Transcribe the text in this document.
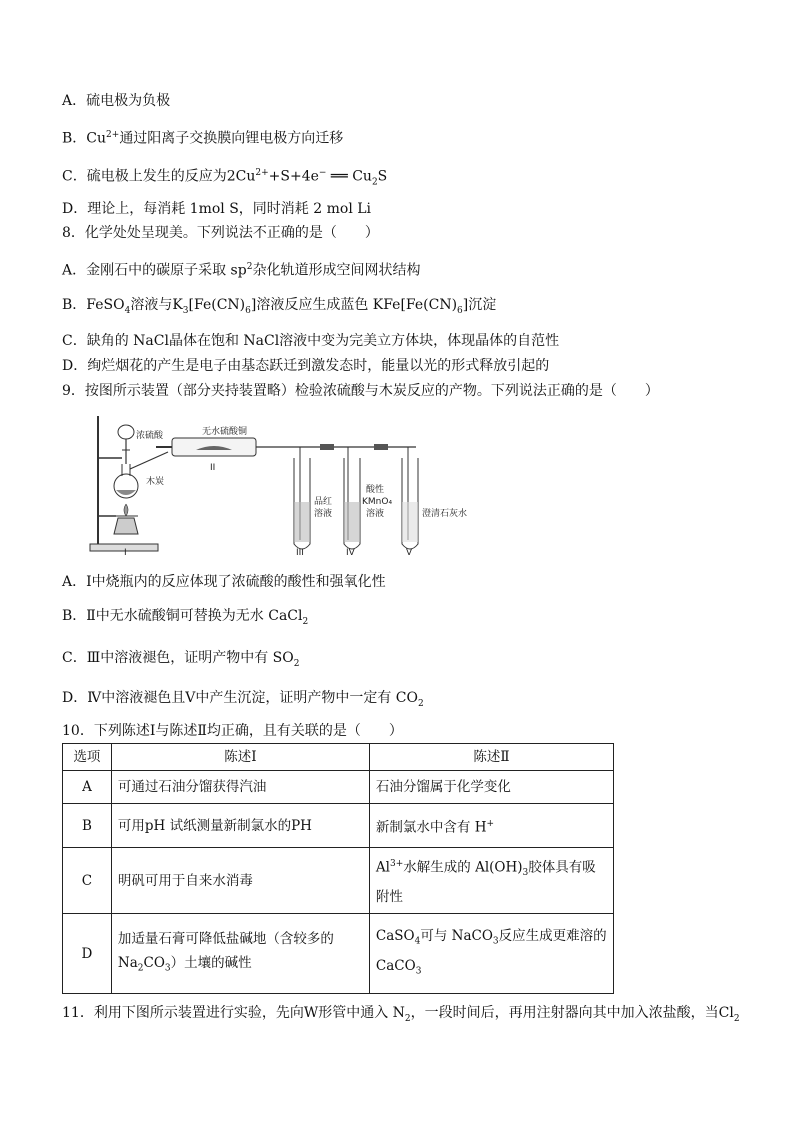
A．硫电极为负极
B．$Cu^{2+}$通过阳离子交换膜向锂电极方向迁移
C．硫电极上发生的反应为$2Cu^{2+}+S+4e^-$ ══ $Cu_2S$
D．理论上，每消耗 1mol S，同时消耗 2 mol Li
8．化学处处呈现美。下列说法不正确的是（　　）
A．金刚石中的碳原子采取 $sp^2$杂化轨道形成空间网状结构
B．FeSO$_4$溶液与$K_3[Fe(CN)_6]$溶液反应生成蓝色 $KFe[Fe(CN)_6]$沉淀
C．缺角的 NaCl晶体在饱和 NaCl溶液中变为完美立方体块，体现晶体的自范性
D．绚烂烟花的产生是电子由基态跃迁到激发态时，能量以光的形式释放引起的
9．按图所示装置（部分夹持装置略）检验浓硫酸与木炭反应的产物。下列说法正确的是（　　）
浓硫酸
木炭
无水硫酸铜
II
I
品红
溶液
酸性
KMnO₄
溶液	澄清石灰水
III	IV	V
A．Ⅰ中烧瓶内的反应体现了浓硫酸的酸性和强氧化性
B．Ⅱ中无水硫酸铜可替换为无水 CaCl$_2$
C．Ⅲ中溶液褪色，证明产物中有 $SO_2$
D．Ⅳ中溶液褪色且Ⅴ中产生沉淀，证明产物中一定有 $CO_2$
10．下列陈述Ⅰ与陈述Ⅱ均正确，且有关联的是（　　）
选项	陈述Ⅰ	陈述Ⅱ
A	可通过石油分馏获得汽油	石油分馏属于化学变化
B	可用pH 试纸测量新制氯水的PH	新制氯水中含有 H+
C	明矾可用于自来水消毒	$Al^{3+}$水解生成的 $Al(OH)_3$胶体具有吸附性
D	加适量石膏可降低盐碱地（含较多的 $Na_2CO_3$）土壤的碱性	CaSO$_4$可与 NaCO$_3$反应生成更难溶的CaCO$_3$
11．利用下图所示装置进行实验，先向W形管中通入 $N_2$，一段时间后，再用注射器向其中加入浓盐酸，当$Cl_2$
